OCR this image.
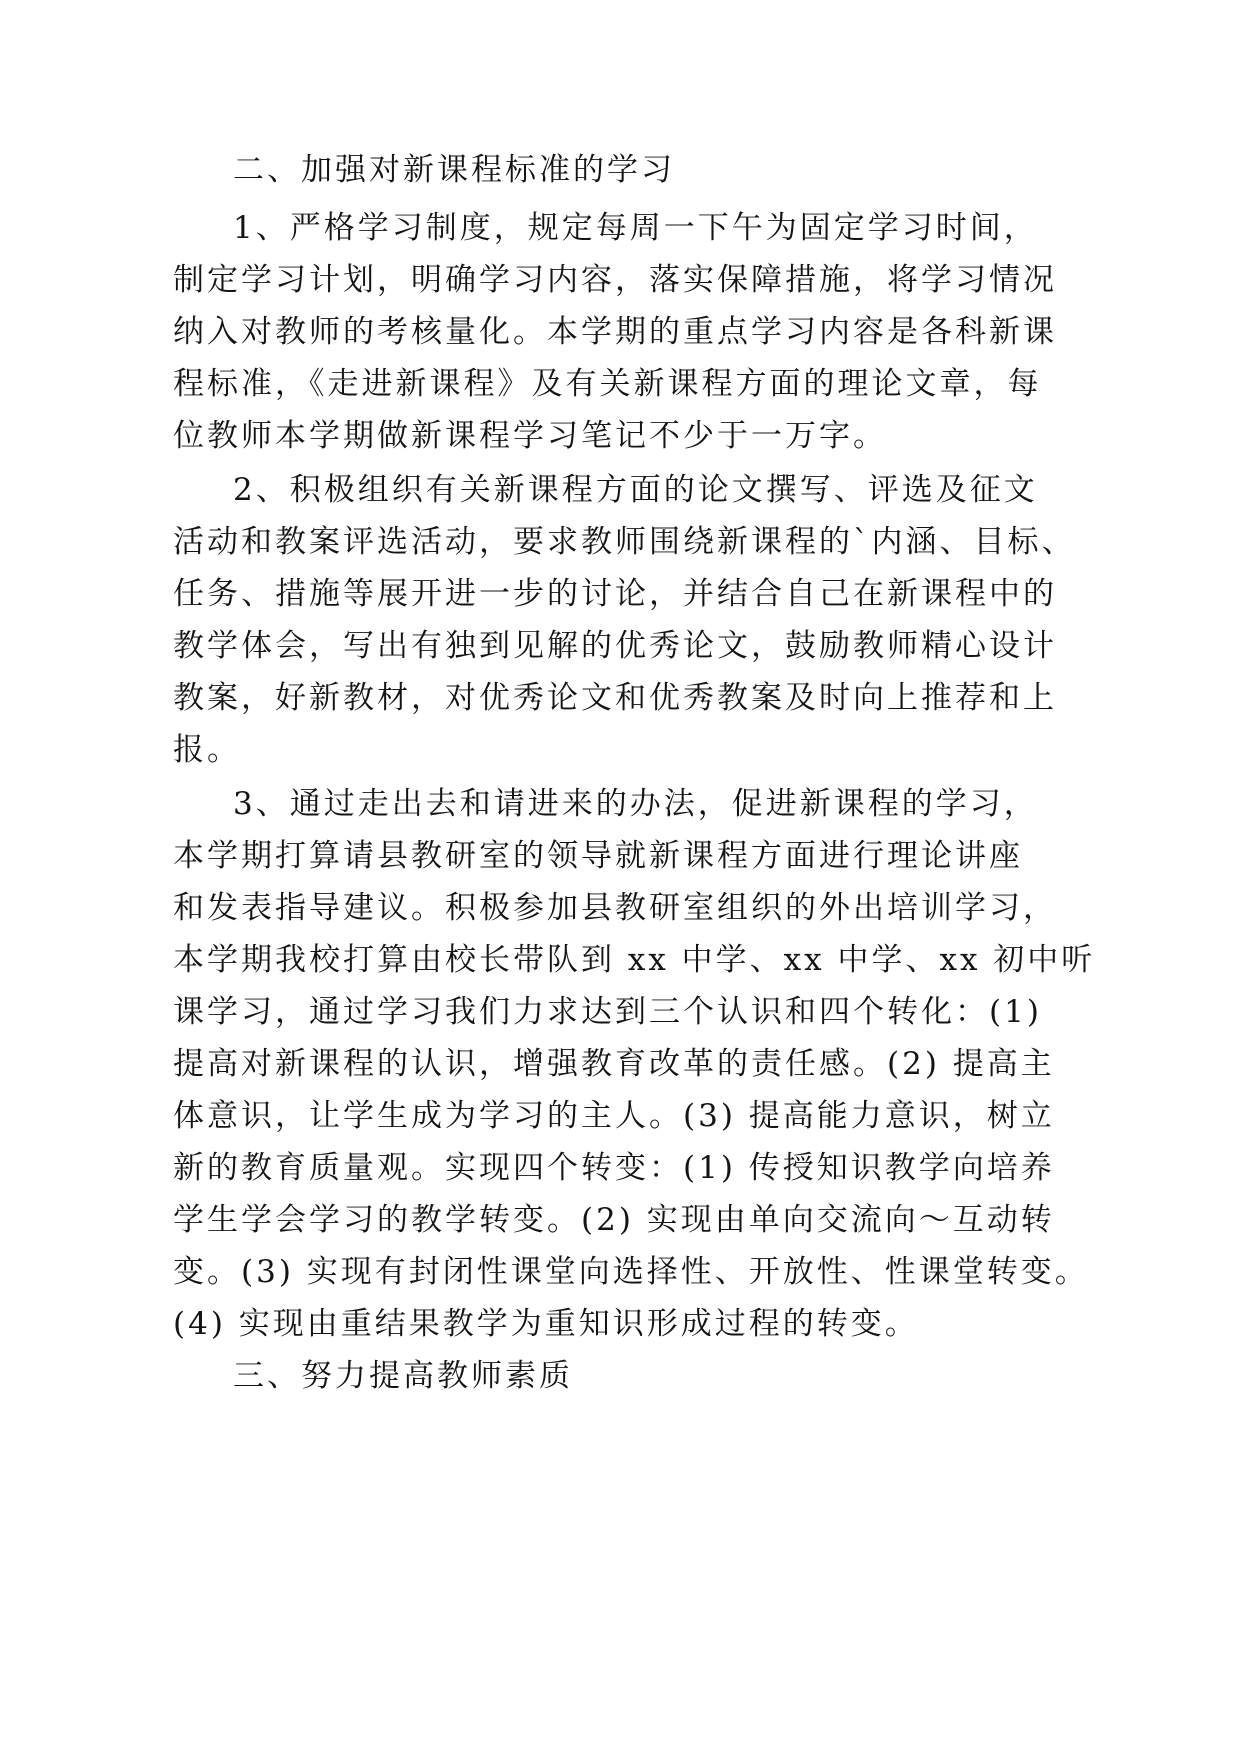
二、加强对新课程标准的学习
1、严格学习制度，规定每周一下午为固定学习时间，
制定学习计划，明确学习内容，落实保障措施，将学习情况
纳入对教师的考核量化。本学期的重点学习内容是各科新课
程标准，《走进新课程》及有关新课程方面的理论文章，每
位教师本学期做新课程学习笔记不少于一万字。
2、积极组织有关新课程方面的论文撰写、评选及征文
活动和教案评选活动，要求教师围绕新课程的`内涵、目标、
任务、措施等展开进一步的讨论，并结合自己在新课程中的
教学体会，写出有独到见解的优秀论文，鼓励教师精心设计
教案，好新教材，对优秀论文和优秀教案及时向上推荐和上
报。
3、通过走出去和请进来的办法，促进新课程的学习，
本学期打算请县教研室的领导就新课程方面进行理论讲座
和发表指导建议。积极参加县教研室组织的外出培训学习，
本学期我校打算由校长带队到 xx 中学、xx 中学、xx 初中听
课学习，通过学习我们力求达到三个认识和四个转化：(1)
提高对新课程的认识，增强教育改革的责任感。(2) 提高主
体意识，让学生成为学习的主人。(3) 提高能力意识，树立
新的教育质量观。实现四个转变：(1) 传授知识教学向培养
学生学会学习的教学转变。(2) 实现由单向交流向～互动转
变。(3) 实现有封闭性课堂向选择性、开放性、性课堂转变。
(4) 实现由重结果教学为重知识形成过程的转变。
三、努力提高教师素质
